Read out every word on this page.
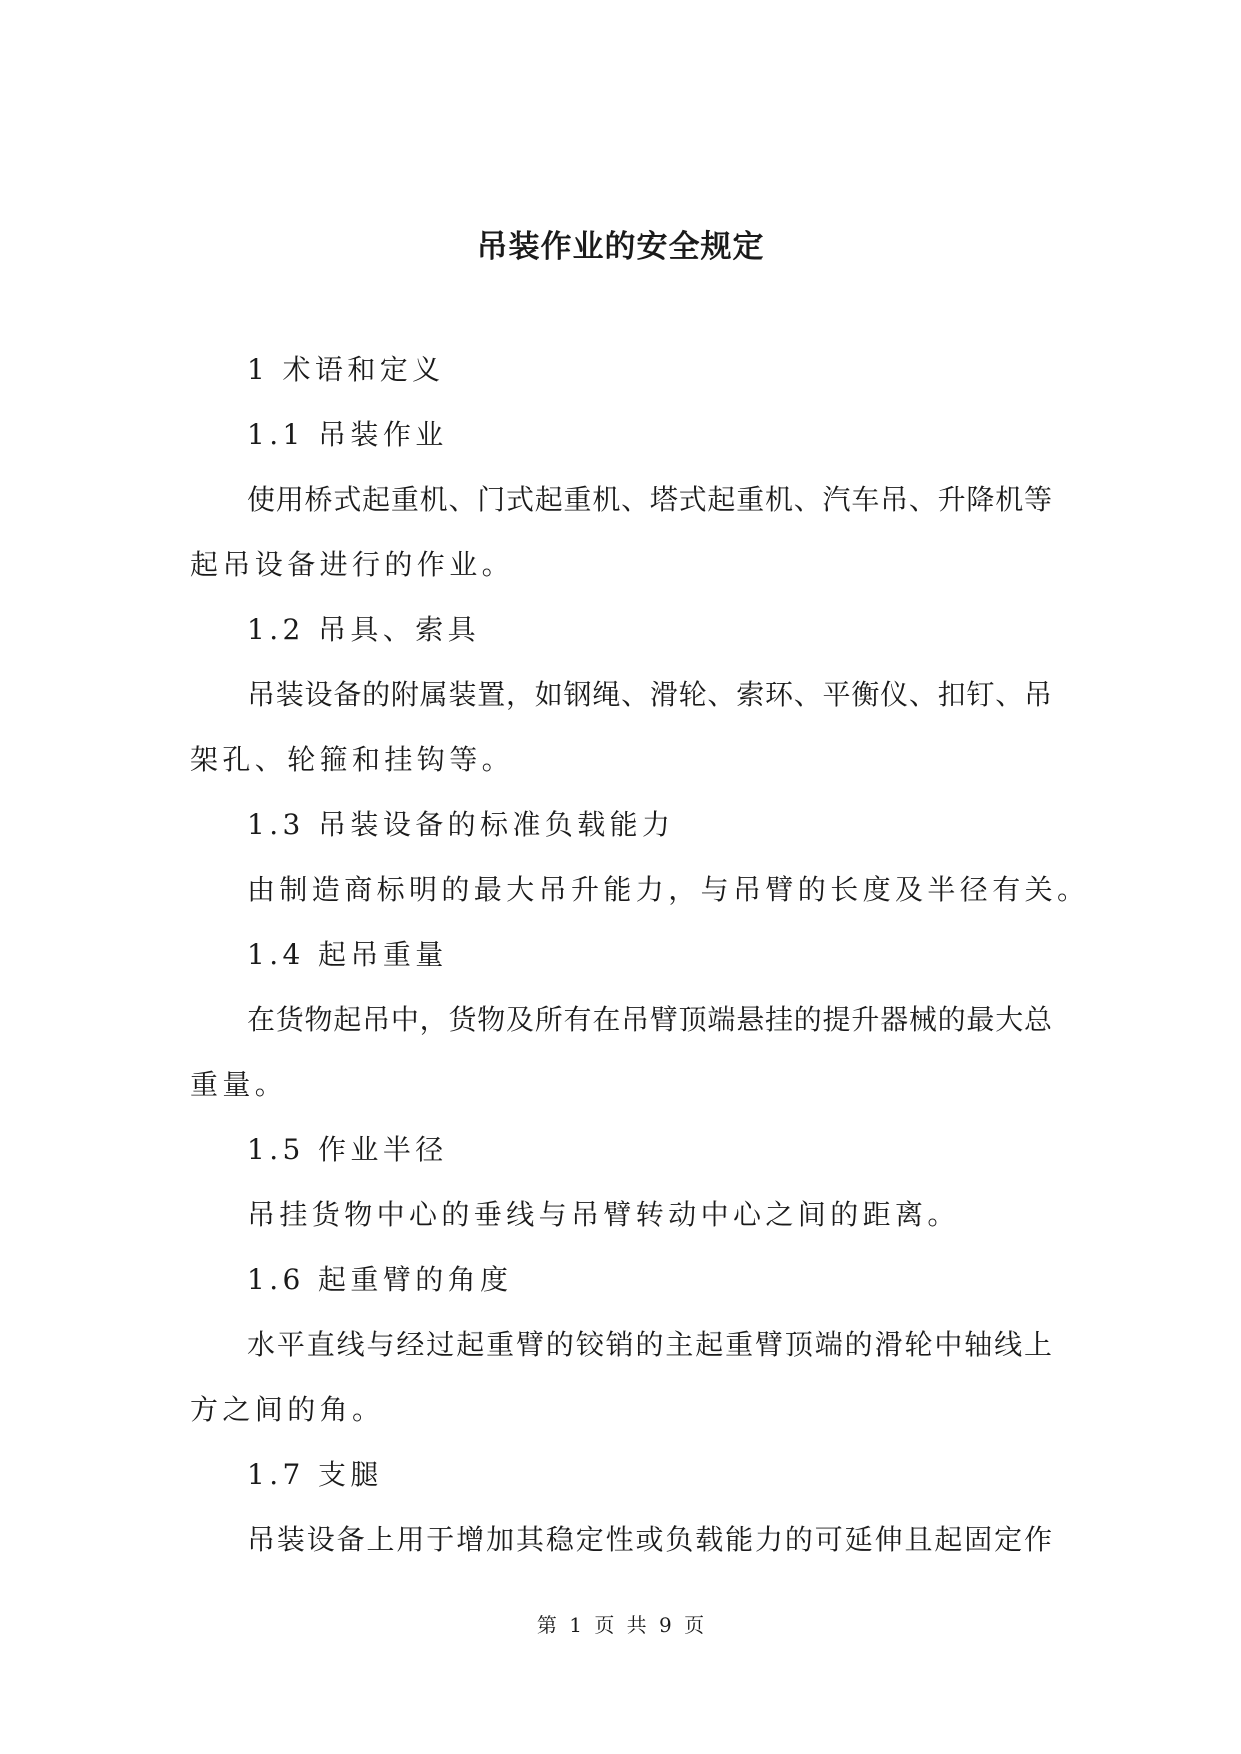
吊装作业的安全规定
1 术语和定义
1.1 吊装作业
使用桥式起重机、门式起重机、塔式起重机、汽车吊、升降机等
起吊设备进行的作业。
1.2 吊具、索具
吊装设备的附属装置，如钢绳、滑轮、索环、平衡仪、扣钉、吊
架孔、轮箍和挂钩等。
1.3 吊装设备的标准负载能力
由制造商标明的最大吊升能力，与吊臂的长度及半径有关。
1.4 起吊重量
在货物起吊中，货物及所有在吊臂顶端悬挂的提升器械的最大总
重量。
1.5 作业半径
吊挂货物中心的垂线与吊臂转动中心之间的距离。
1.6 起重臂的角度
水平直线与经过起重臂的铰销的主起重臂顶端的滑轮中轴线上
方之间的角。
1.7 支腿
吊装设备上用于增加其稳定性或负载能力的可延伸且起固定作
第 1 页 共 9 页
